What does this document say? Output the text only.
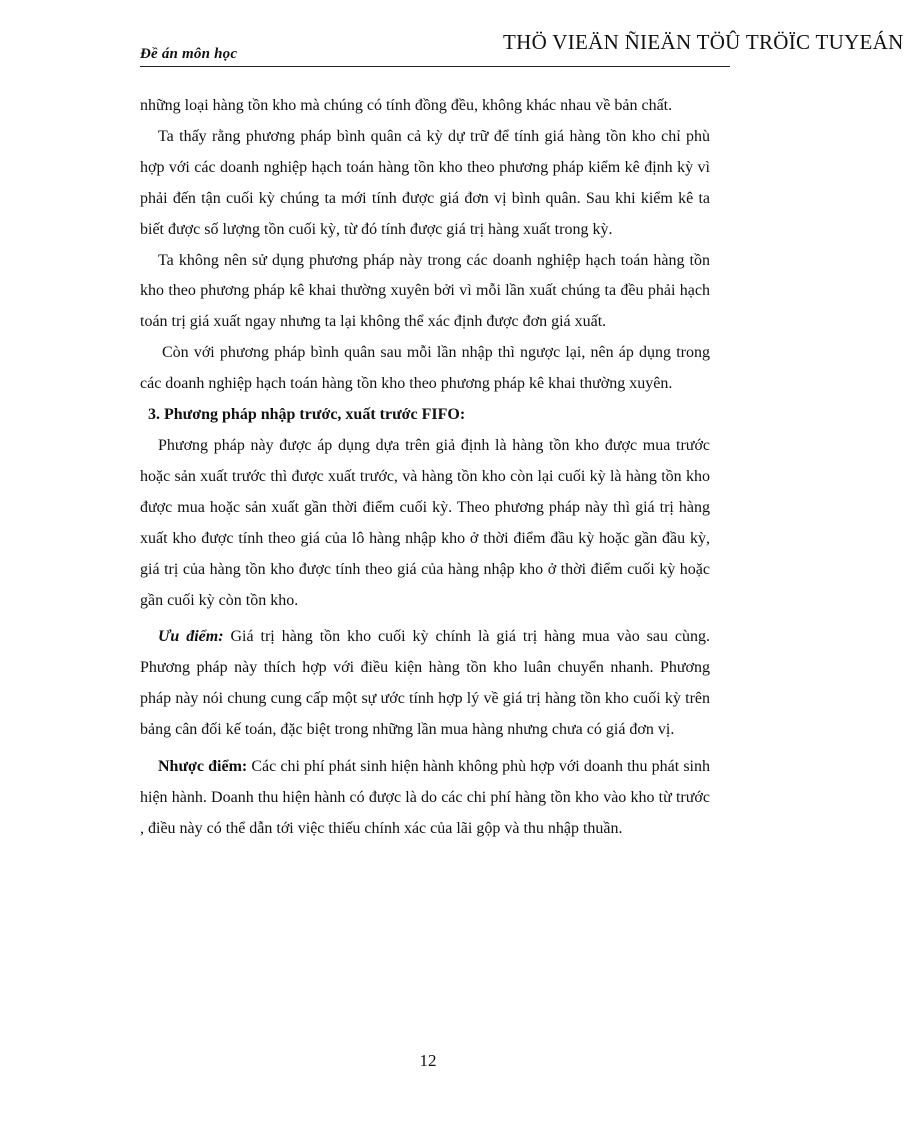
Đề án môn học	THÖ VIEÄN ÑIEÄN TÖÛ TRÖÏC TUYEÁN

những loại hàng tồn kho mà chúng có tính đồng đều, không khác nhau về bản chất.

Ta thấy rằng phương pháp bình quân cả kỳ dự trữ để tính giá hàng tồn kho chỉ phù hợp với các doanh nghiệp hạch toán hàng tồn kho theo phương pháp kiểm kê định kỳ vì phải đến tận cuối kỳ chúng ta mới tính được giá đơn vị bình quân. Sau khi kiểm kê ta biết được số lượng tồn cuối kỳ, từ đó tính được giá trị hàng xuất trong kỳ.

Ta không nên sử dụng phương pháp này trong các doanh nghiệp hạch toán hàng tồn kho theo phương pháp kê khai thường xuyên bởi vì mỗi lần xuất chúng ta đều phải hạch toán trị giá xuất ngay nhưng ta lại không thể xác định được đơn giá xuất.

Còn với phương pháp bình quân sau mỗi lần nhập thì ngược lại, nên áp dụng trong các doanh nghiệp hạch toán hàng tồn kho theo phương pháp kê khai thường xuyên.

3. Phương pháp nhập trước, xuất trước FIFO:

Phương pháp này được áp dụng dựa trên giả định là hàng tồn kho được mua trước hoặc sản xuất trước thì được xuất trước, và hàng tồn kho còn lại cuối kỳ là hàng tồn kho được mua hoặc sản xuất gần thời điểm cuối kỳ. Theo phương pháp này thì giá trị hàng xuất kho được tính theo giá của lô hàng nhập kho ở thời điểm đầu kỳ hoặc gần đầu kỳ, giá trị của hàng tồn kho được tính theo giá của hàng nhập kho ở thời điểm cuối kỳ hoặc gần cuối kỳ còn tồn kho.

Ưu điểm: Giá trị hàng tồn kho cuối kỳ chính là giá trị hàng mua vào sau cùng. Phương pháp này thích hợp với điều kiện hàng tồn kho luân chuyển nhanh. Phương pháp này nói chung cung cấp một sự ước tính hợp lý về giá trị hàng tồn kho cuối kỳ trên bảng cân đối kế toán, đặc biệt trong những lần mua hàng nhưng chưa có giá đơn vị.

Nhược điểm: Các chi phí phát sinh hiện hành không phù hợp với doanh thu phát sinh hiện hành. Doanh thu hiện hành có được là do các chi phí hàng tồn kho vào kho từ trước , điều này có thể dẫn tới việc thiếu chính xác của lãi gộp và thu nhập thuần.

12
